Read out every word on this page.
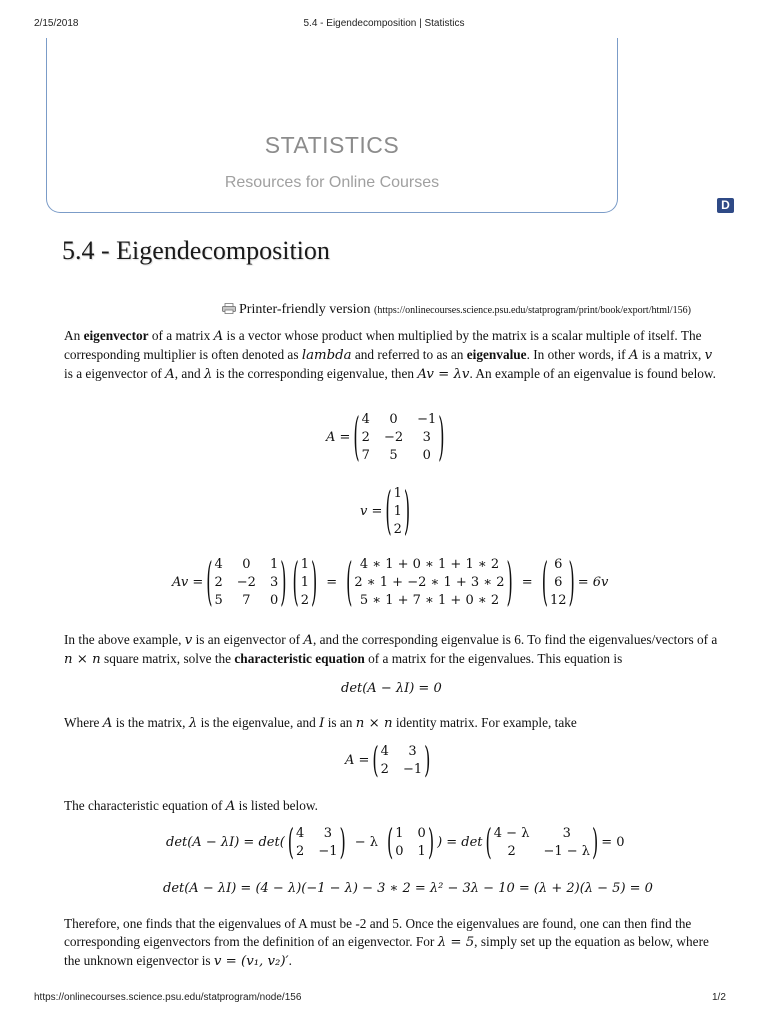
2/15/2018	5.4 - Eigendecomposition | Statistics
STATISTICS
Resources for Online Courses
D
5.4 - Eigendecomposition
Printer-friendly version (https://onlinecourses.science.psu.edu/statprogram/print/book/export/html/156)
An eigenvector of a matrix A is a vector whose product when multiplied by the matrix is a scalar multiple of itself. The corresponding multiplier is often denoted as lambda and referred to as an eigenvalue. In other words, if A is a matrix, v is a eigenvector of A, and λ is the corresponding eigenvalue, then Av = λv. An example of an eigenvalue is found below.
A = ( 4	0	−1
2 −2	3
7	5	0 )
v = ( 1
1
2 )
Av = ( 4	0	1
2 −2 3
5	7	0 ) ( 1
1
2 ) = ( 4 ∗ 1 + 0 ∗ 1 + 1 ∗ 2
2 ∗ 1 + −2 ∗ 1 + 3 ∗ 2
5 ∗ 1 + 7 ∗ 1 + 0 ∗ 2 ) = ( 6
6
12 ) = 6v
In the above example, v is an eigenvector of A, and the corresponding eigenvalue is 6. To find the eigenvalues/vectors of a n × n square matrix, solve the characteristic equation of a matrix for the eigenvalues. This equation is
det(A − λI) = 0
Where A is the matrix, λ is the eigenvalue, and I is an n × n identity matrix. For example, take
A = ( 4	3
2 −1 )
The characteristic equation of A is listed below.
det(A − λI) = det( ( 4	3
2 −1 ) − λ ( 1 0
0 1 ) ) = det ( 4 − λ	3
2	−1 − λ ) = 0
det(A − λI) = (4 − λ)(−1 − λ) − 3 ∗ 2 = λ² − 3λ − 10 = (λ + 2)(λ − 5) = 0
Therefore, one finds that the eigenvalues of A must be -2 and 5. Once the eigenvalues are found, one can then find the corresponding eigenvectors from the definition of an eigenvector. For λ = 5, simply set up the equation as below, where the unknown eigenvector is v = (v₁, v₂)′.
https://onlinecourses.science.psu.edu/statprogram/node/156	1/2
